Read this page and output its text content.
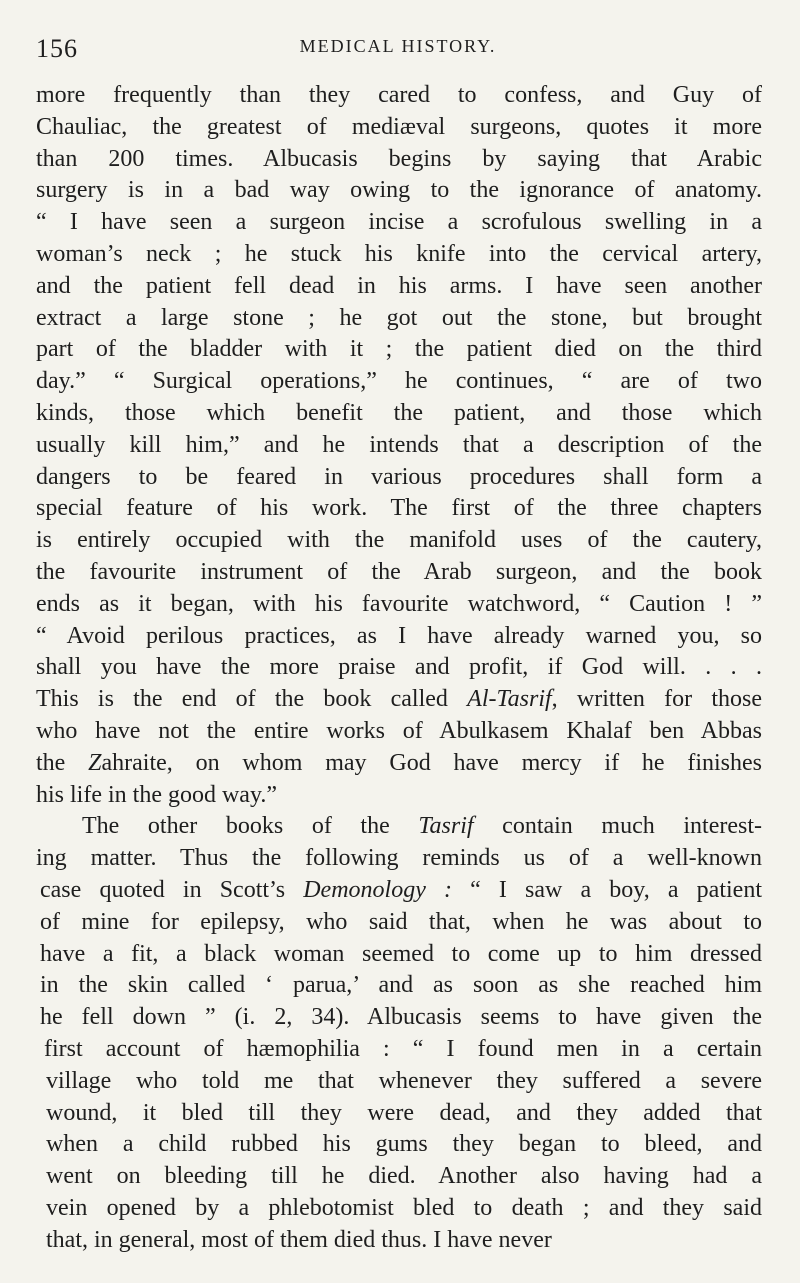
156	MEDICAL HISTORY.
more frequently than they cared to confess, and Guy of
Chauliac, the greatest of mediæval surgeons, quotes it more
than 200 times. Albucasis begins by saying that Arabic
surgery is in a bad way owing to the ignorance of anatomy.
“ I have seen a surgeon incise a scrofulous swelling in a
woman’s neck ; he stuck his knife into the cervical artery,
and the patient fell dead in his arms. I have seen another
extract a large stone ; he got out the stone, but brought
part of the bladder with it ; the patient died on the third
day.” “ Surgical operations,” he continues, “ are of two
kinds, those which benefit the patient, and those which
usually kill him,” and he intends that a description of the
dangers to be feared in various procedures shall form a
special feature of his work. The first of the three chapters
is entirely occupied with the manifold uses of the cautery,
the favourite instrument of the Arab surgeon, and the book
ends as it began, with his favourite watchword, “ Caution ! ”
“ Avoid perilous practices, as I have already warned you, so
shall you have the more praise and profit, if God will. . . .
This is the end of the book called Al-Tasrif, written for those
who have not the entire works of Abulkasem Khalaf ben Abbas
the Zahraite, on whom may God have mercy if he finishes
his life in the good way.”
The other books of the Tasrif contain much interest-
ing matter. Thus the following reminds us of a well-known
case quoted in Scott’s Demonology : “ I saw a boy, a patient
of mine for epilepsy, who said that, when he was about to
have a fit, a black woman seemed to come up to him dressed
in the skin called ‘ parua,’ and as soon as she reached him
he fell down ” (i. 2, 34). Albucasis seems to have given the
first account of hæmophilia : “ I found men in a certain
village who told me that whenever they suffered a severe
wound, it bled till they were dead, and they added that
when a child rubbed his gums they began to bleed, and
went on bleeding till he died. Another also having had a
vein opened by a phlebotomist bled to death ; and they said
that, in general, most of them died thus. I have never
